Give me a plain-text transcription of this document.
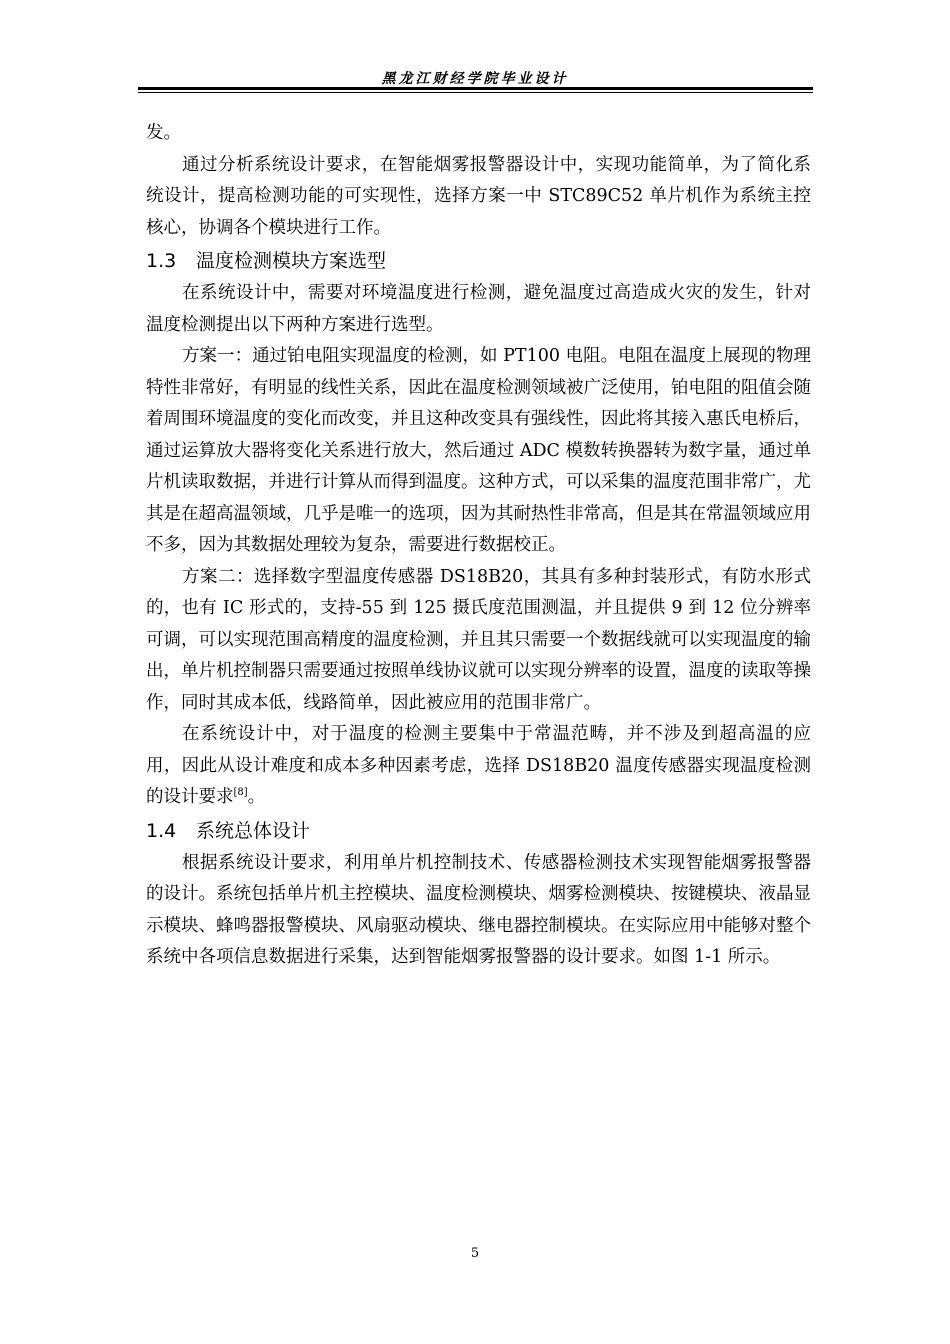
黑龙江财经学院毕业设计

发。

通过分析系统设计要求，在智能烟雾报警器设计中，实现功能简单，为了简化系统设计，提高检测功能的可实现性，选择方案一中 STC89C52 单片机作为系统主控核心，协调各个模块进行工作。

1.3 温度检测模块方案选型

在系统设计中，需要对环境温度进行检测，避免温度过高造成火灾的发生，针对温度检测提出以下两种方案进行选型。

方案一：通过铂电阻实现温度的检测，如 PT100 电阻。电阻在温度上展现的物理特性非常好，有明显的线性关系，因此在温度检测领域被广泛使用，铂电阻的阻值会随着周围环境温度的变化而改变，并且这种改变具有强线性，因此将其接入惠氏电桥后，通过运算放大器将变化关系进行放大，然后通过 ADC 模数转换器转为数字量，通过单片机读取数据，并进行计算从而得到温度。这种方式，可以采集的温度范围非常广，尤其是在超高温领域，几乎是唯一的选项，因为其耐热性非常高，但是其在常温领域应用不多，因为其数据处理较为复杂，需要进行数据校正。

方案二：选择数字型温度传感器 DS18B20，其具有多种封装形式，有防水形式的，也有 IC 形式的，支持-55 到 125 摄氏度范围测温，并且提供 9 到 12 位分辨率可调，可以实现范围高精度的温度检测，并且其只需要一个数据线就可以实现温度的输出，单片机控制器只需要通过按照单线协议就可以实现分辨率的设置，温度的读取等操作，同时其成本低，线路简单，因此被应用的范围非常广。

在系统设计中，对于温度的检测主要集中于常温范畴，并不涉及到超高温的应用，因此从设计难度和成本多种因素考虑，选择 DS18B20 温度传感器实现温度检测的设计要求[8]。

1.4 系统总体设计

根据系统设计要求，利用单片机控制技术、传感器检测技术实现智能烟雾报警器的设计。系统包括单片机主控模块、温度检测模块、烟雾检测模块、按键模块、液晶显示模块、蜂鸣器报警模块、风扇驱动模块、继电器控制模块。在实际应用中能够对整个系统中各项信息数据进行采集，达到智能烟雾报警器的设计要求。如图 1-1 所示。

5
